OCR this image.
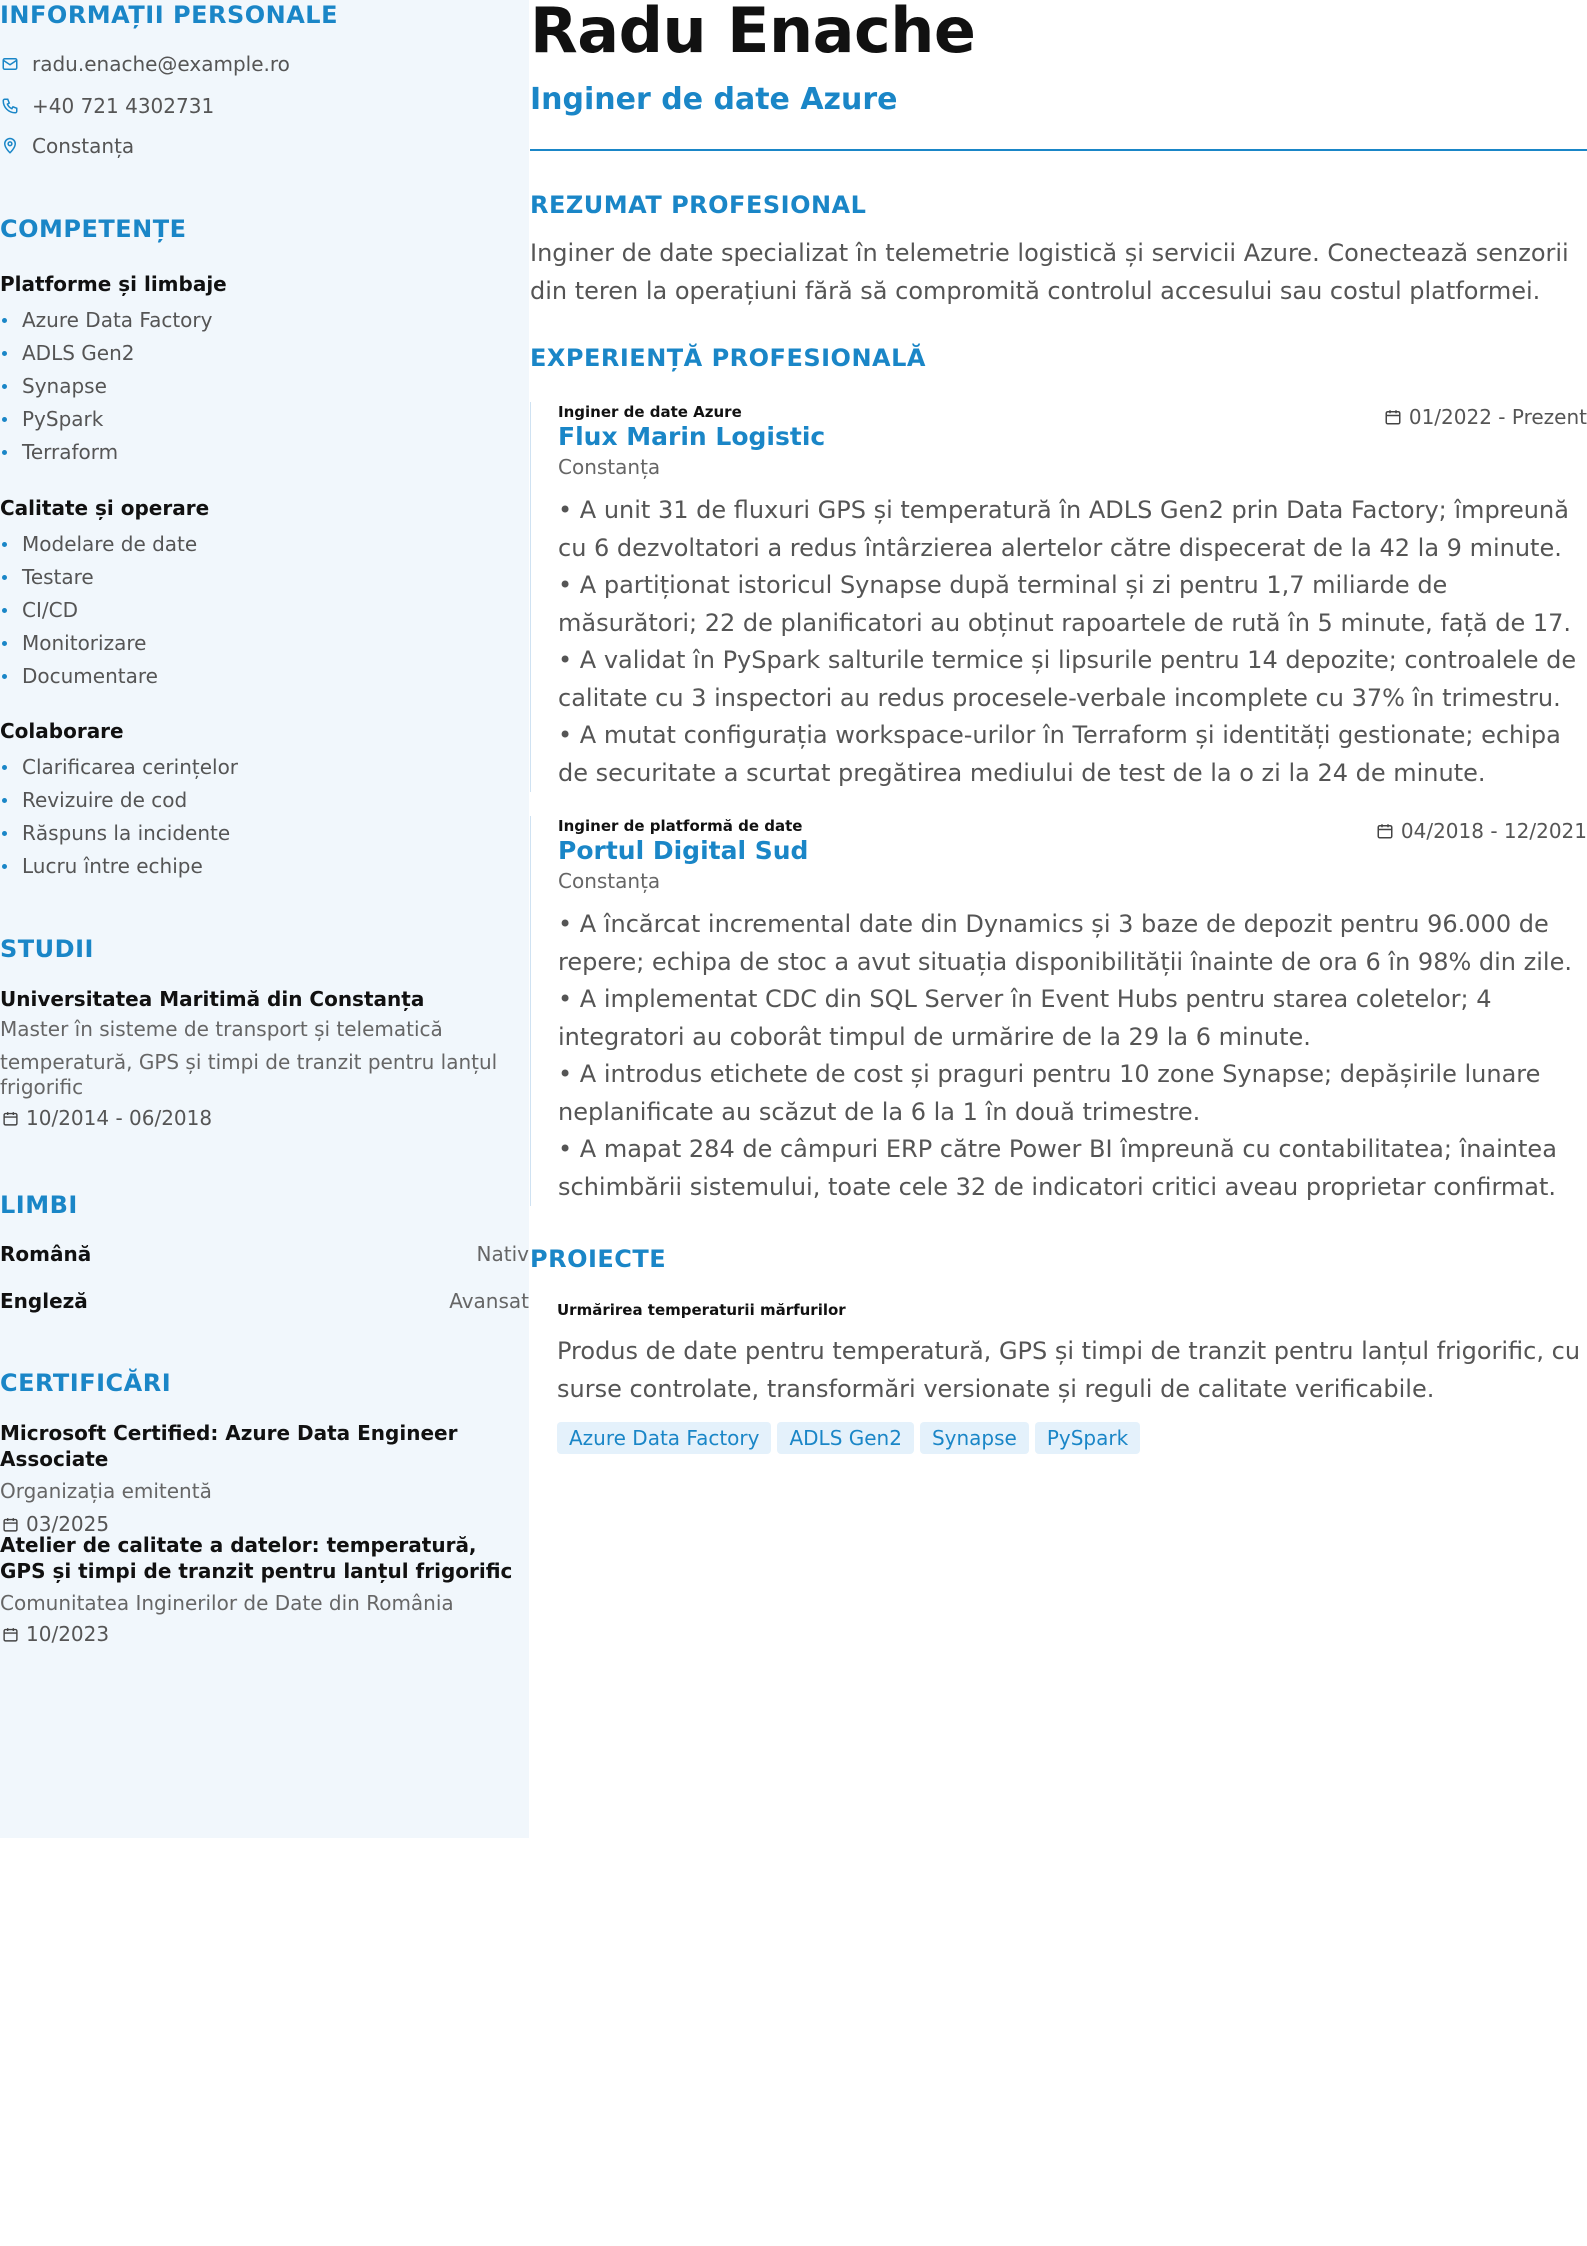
INFORMAȚII PERSONALE
radu.enache@example.ro
+40 721 4302731
Constanța
COMPETENȚE
Platforme și limbaje
Azure Data Factory
ADLS Gen2
Synapse
PySpark
Terraform
Calitate și operare
Modelare de date
Testare
CI/CD
Monitorizare
Documentare
Colaborare
Clarificarea cerințelor
Revizuire de cod
Răspuns la incidente
Lucru între echipe
STUDII
Universitatea Maritimă din Constanța
Master în sisteme de transport și telematică
temperatură, GPS și timpi de tranzit pentru lanțul frigorific
10/2014 - 06/2018
LIMBI
Română	Nativ
Engleză	Avansat
CERTIFICĂRI
Microsoft Certified: Azure Data Engineer Associate
Organizația emitentă
03/2025
Atelier de calitate a datelor: temperatură, GPS și timpi de tranzit pentru lanțul frigorific
Comunitatea Inginerilor de Date din România
10/2023
Radu Enache
Inginer de date Azure
REZUMAT PROFESIONAL
Inginer de date specializat în telemetrie logistică și servicii Azure. Conectează senzorii din teren la operațiuni fără să compromită controlul accesului sau costul platformei.
EXPERIENȚĂ PROFESIONALĂ
Inginer de date Azure
Flux Marin Logistic
Constanța
01/2022 - Prezent
• A unit 31 de fluxuri GPS și temperatură în ADLS Gen2 prin Data Factory; împreună cu 6 dezvoltatori a redus întârzierea alertelor către dispecerat de la 42 la 9 minute.
• A partiționat istoricul Synapse după terminal și zi pentru 1,7 miliarde de măsurători; 22 de planificatori au obținut rapoartele de rută în 5 minute, față de 17.
• A validat în PySpark salturile termice și lipsurile pentru 14 depozite; controalele de calitate cu 3 inspectori au redus procesele-verbale incomplete cu 37% în trimestru.
• A mutat configurația workspace-urilor în Terraform și identități gestionate; echipa de securitate a scurtat pregătirea mediului de test de la o zi la 24 de minute.
Inginer de platformă de date
Portul Digital Sud
Constanța
04/2018 - 12/2021
• A încărcat incremental date din Dynamics și 3 baze de depozit pentru 96.000 de repere; echipa de stoc a avut situația disponibilității înainte de ora 6 în 98% din zile.
• A implementat CDC din SQL Server în Event Hubs pentru starea coletelor; 4 integratori au coborât timpul de urmărire de la 29 la 6 minute.
• A introdus etichete de cost și praguri pentru 10 zone Synapse; depășirile lunare neplanificate au scăzut de la 6 la 1 în două trimestre.
• A mapat 284 de câmpuri ERP către Power BI împreună cu contabilitatea; înaintea schimbării sistemului, toate cele 32 de indicatori critici aveau proprietar confirmat.
PROIECTE
Urmărirea temperaturii mărfurilor
Produs de date pentru temperatură, GPS și timpi de tranzit pentru lanțul frigorific, cu surse controlate, transformări versionate și reguli de calitate verificabile.
Azure Data Factory ADLS Gen2 Synapse PySpark
